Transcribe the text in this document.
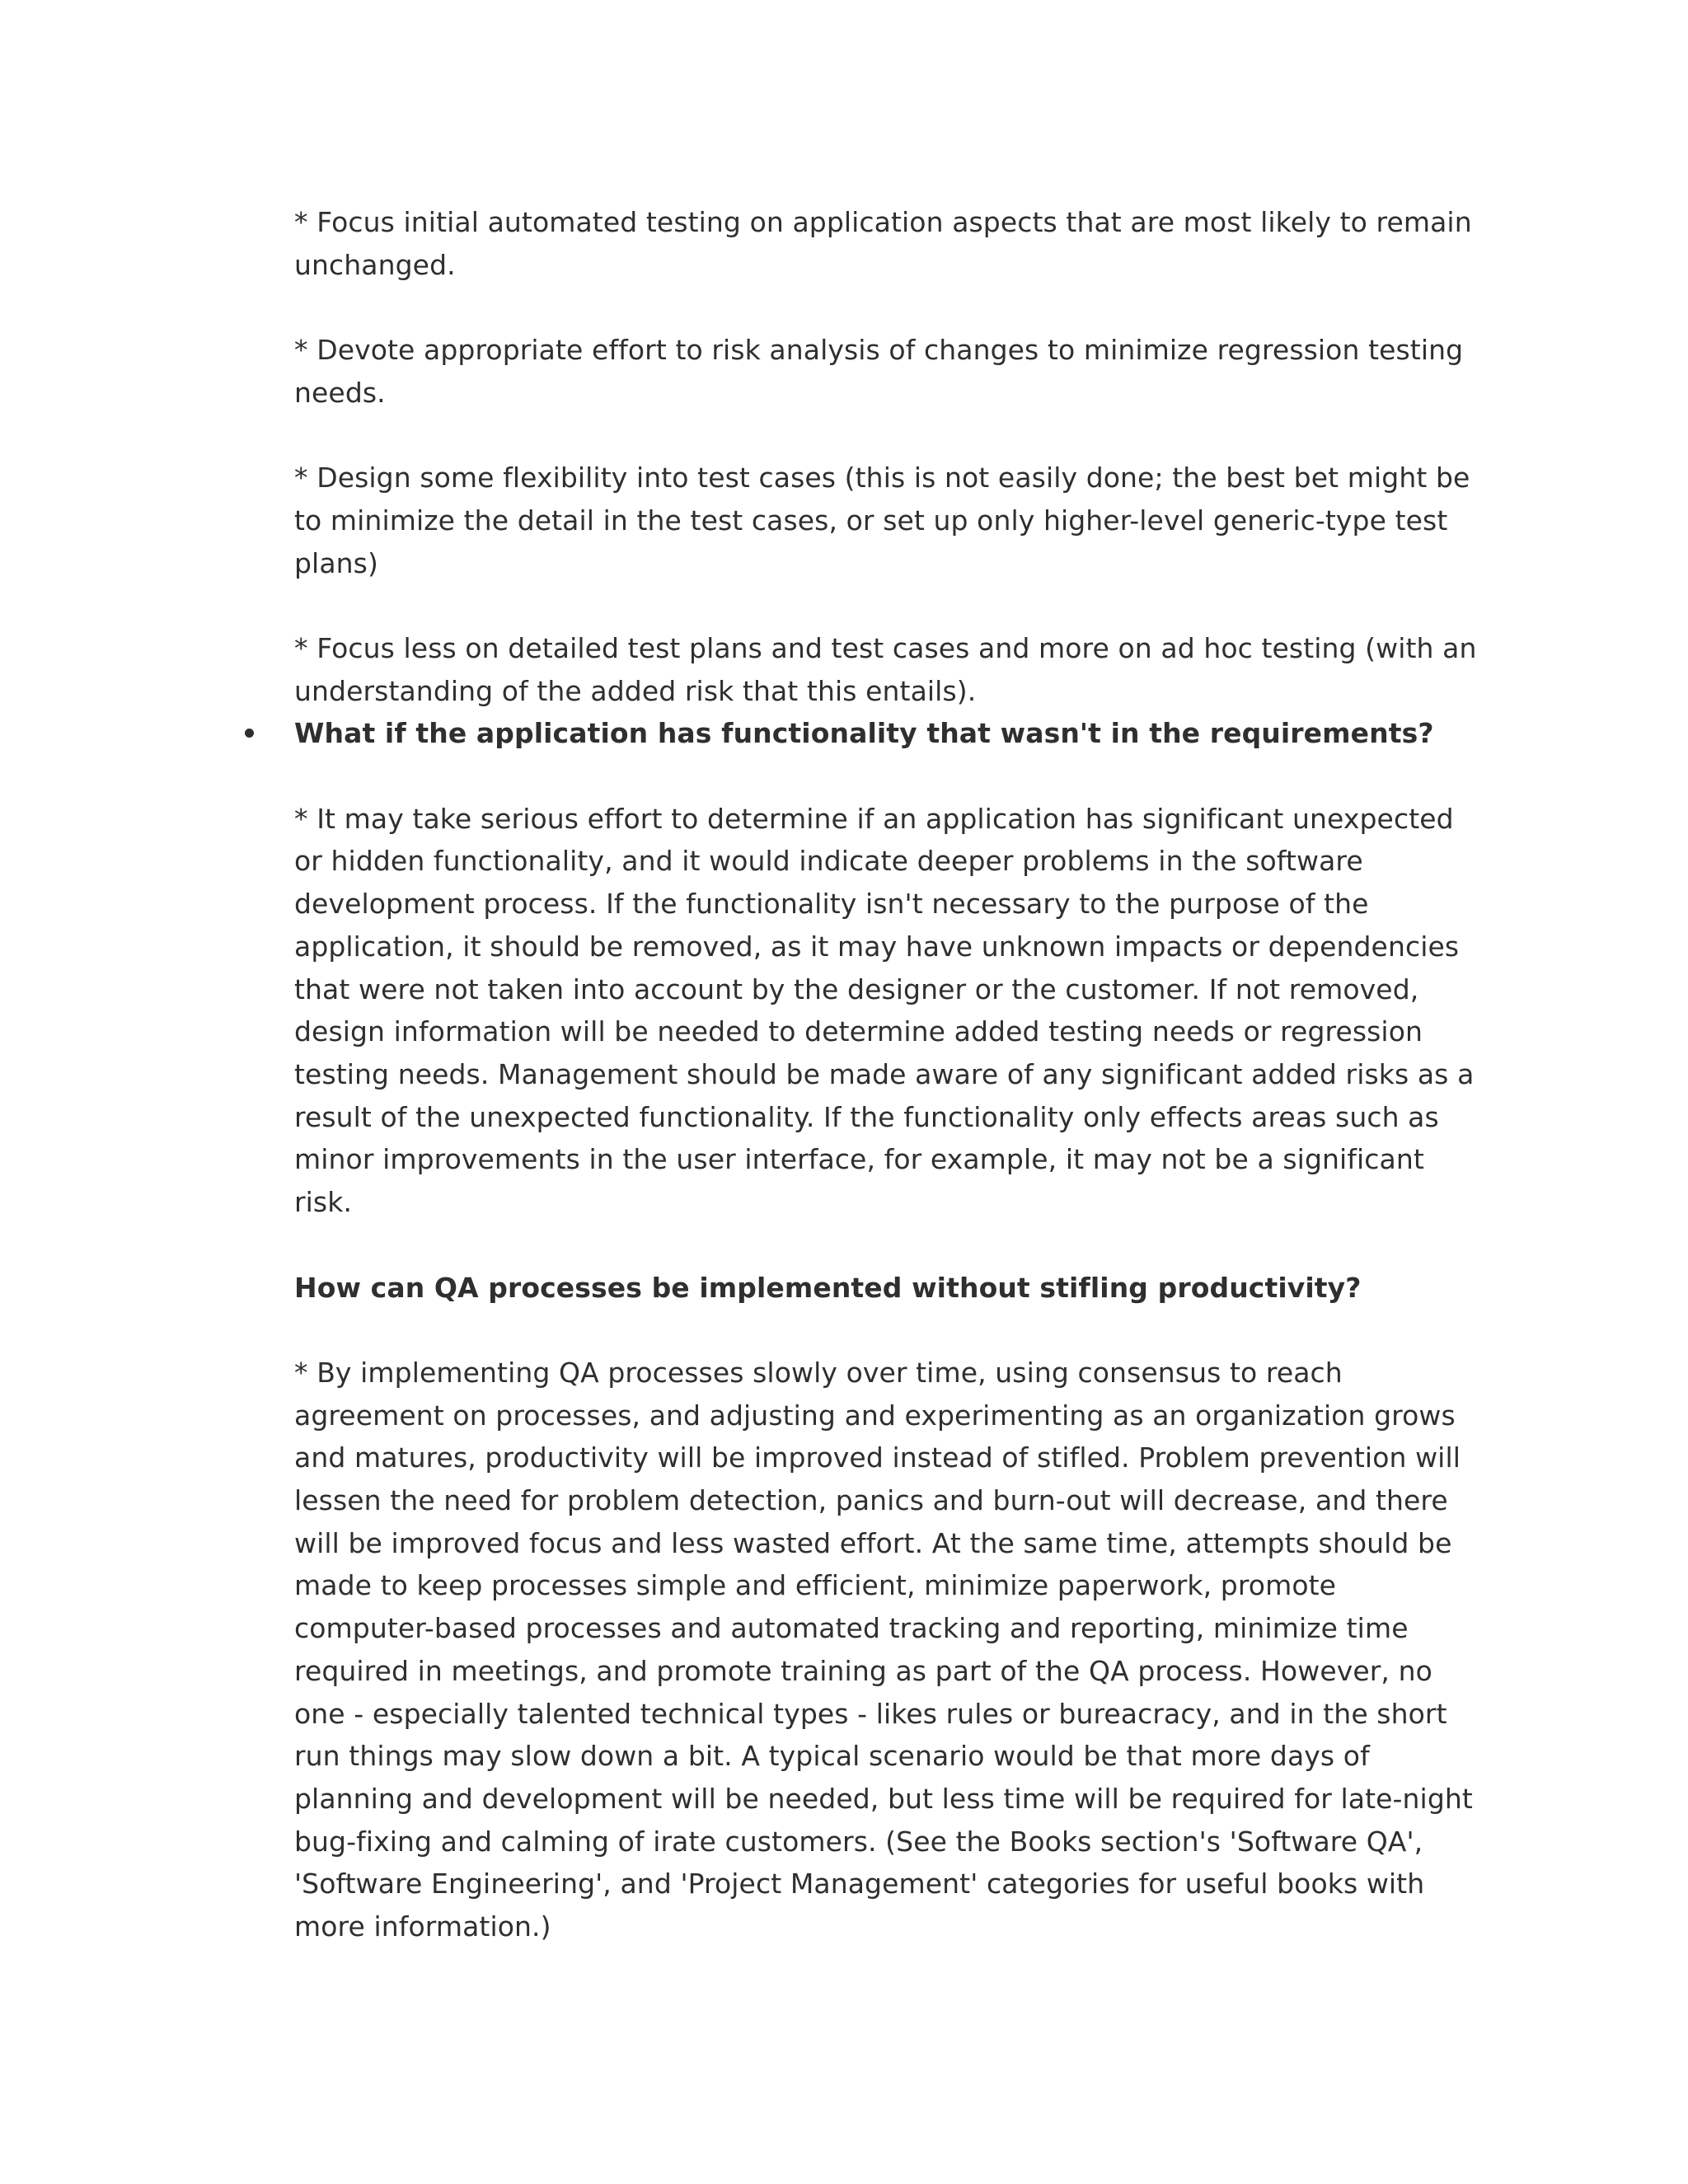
* Focus initial automated testing on application aspects that are most likely to remain unchanged.

* Devote appropriate effort to risk analysis of changes to minimize regression testing needs.

* Design some flexibility into test cases (this is not easily done; the best bet might be to minimize the detail in the test cases, or set up only higher-level generic-type test plans)

* Focus less on detailed test plans and test cases and more on ad hoc testing (with an understanding of the added risk that this entails).

What if the application has functionality that wasn't in the requirements?

* It may take serious effort to determine if an application has significant unexpected or hidden functionality, and it would indicate deeper problems in the software development process. If the functionality isn't necessary to the purpose of the application, it should be removed, as it may have unknown impacts or dependencies that were not taken into account by the designer or the customer. If not removed, design information will be needed to determine added testing needs or regression testing needs. Management should be made aware of any significant added risks as a result of the unexpected functionality. If the functionality only effects areas such as minor improvements in the user interface, for example, it may not be a significant risk.

How can QA processes be implemented without stifling productivity?

* By implementing QA processes slowly over time, using consensus to reach agreement on processes, and adjusting and experimenting as an organization grows and matures, productivity will be improved instead of stifled. Problem prevention will lessen the need for problem detection, panics and burn-out will decrease, and there will be improved focus and less wasted effort. At the same time, attempts should be made to keep processes simple and efficient, minimize paperwork, promote computer-based processes and automated tracking and reporting, minimize time required in meetings, and promote training as part of the QA process. However, no one - especially talented technical types - likes rules or bureacracy, and in the short run things may slow down a bit. A typical scenario would be that more days of planning and development will be needed, but less time will be required for late-night bug-fixing and calming of irate customers. (See the Books section's 'Software QA', 'Software Engineering', and 'Project Management' categories for useful books with more information.)
